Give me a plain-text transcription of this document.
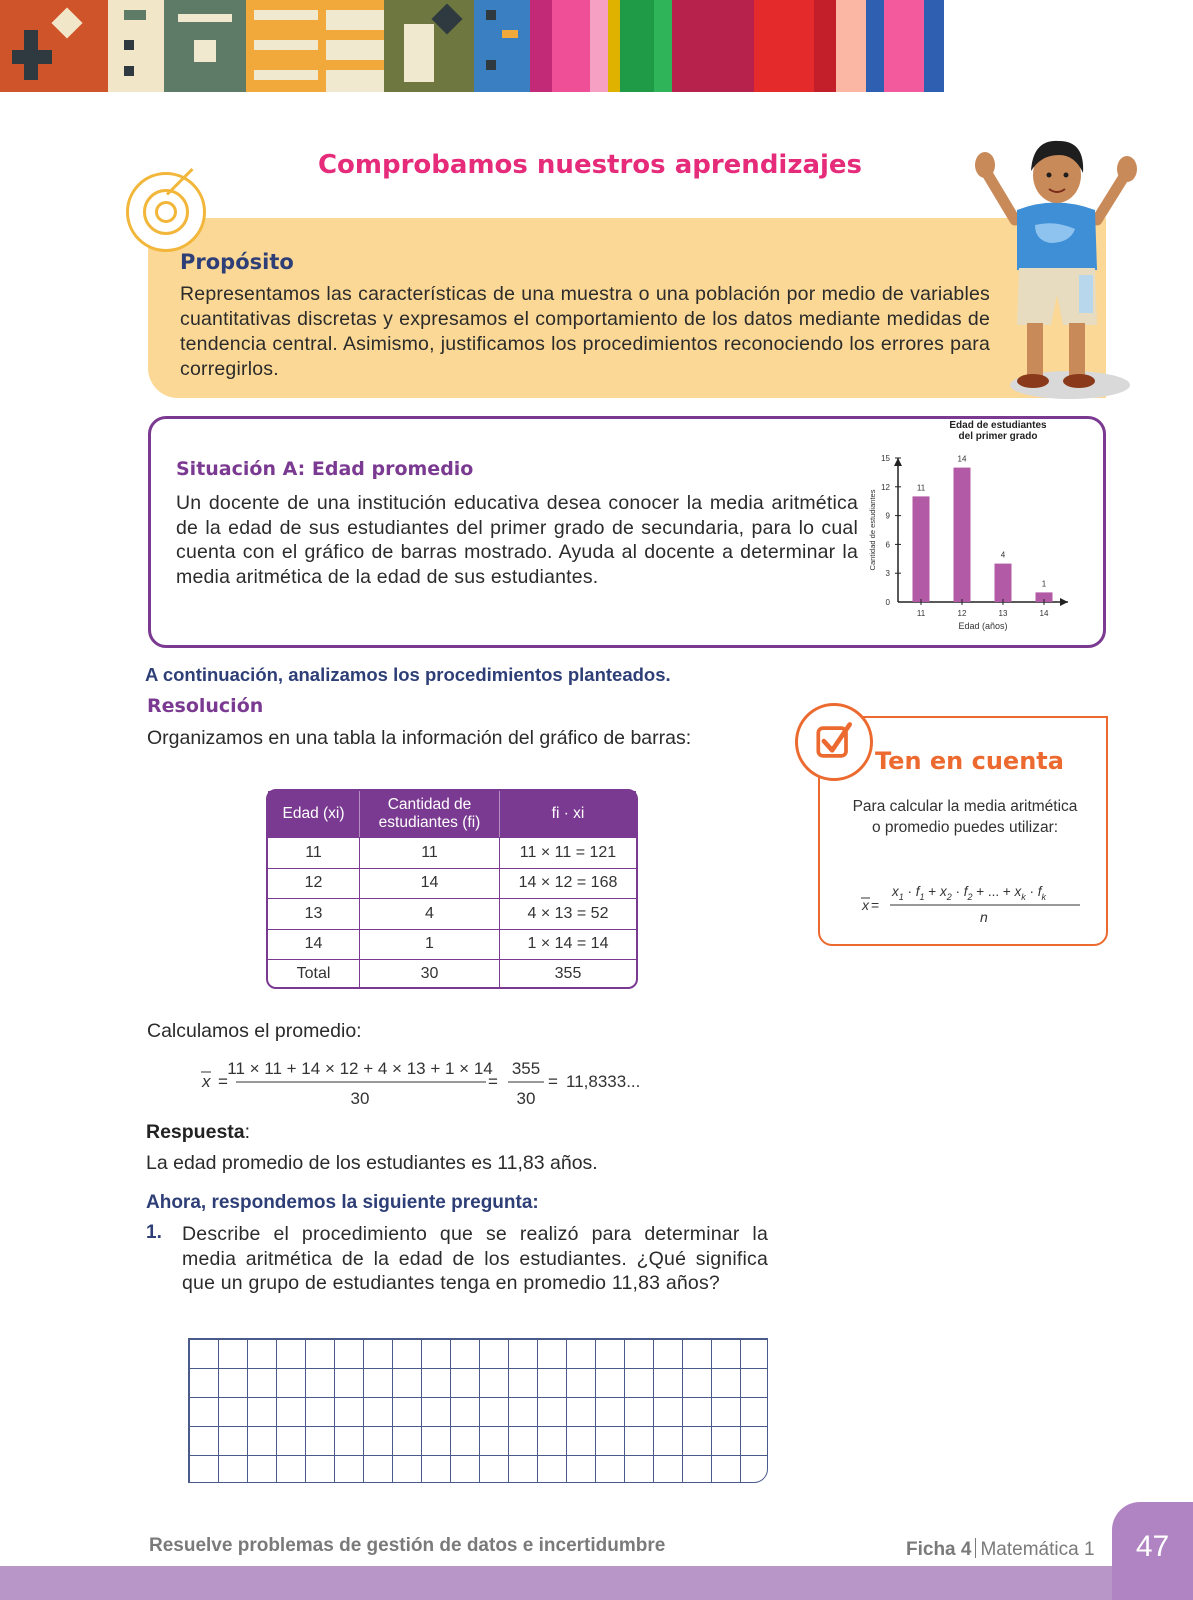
Comprobamos nuestros aprendizajes
Propósito
Representamos las características de una muestra o una población por medio de variables cuantitativas discretas y expresamos el comportamiento de los datos mediante medidas de tendencia central. Asimismo, justificamos los procedimientos reconociendo los errores para corregirlos.
Situación A: Edad promedio
Un docente de una institución educativa desea conocer la media aritmética de la edad de sus estudiantes del primer grado de secundaria, para lo cual cuenta con el gráfico de barras mostrado. Ayuda al docente a determinar la media aritmética de la edad de sus estudiantes.
Edad de estudiantes
del primer grado
0
3
6
9
12
15
11
11
14
12
4
13
1
14
Edad (años)
Cantidad de estudiantes
A continuación, analizamos los procedimientos planteados.
Resolución
Organizamos en una tabla la información del gráfico de barras:
Edad (xi)	Cantidad de estudiantes (fi)	fi · xi
11	11	11 × 11 = 121
12	14	14 × 12 = 168
13	4	4 × 13 = 52
14	1	1 × 14 = 14
Total	30	355
Ten en cuenta
Para calcular la media aritmética o promedio puedes utilizar:
x =
$x_1 \cdot f_1 + x_2 \cdot f_2$ + ... + $x_k \cdot f_k$
n
Calculamos el promedio:
x =
11 × 11 + 14 × 12 + 4 × 13 + 1 × 14
30
=
355
30
= 11,8333...
Respuesta:
La edad promedio de los estudiantes es 11,83 años.
Ahora, respondemos la siguiente pregunta:
1. Describe el procedimiento que se realizó para determinar la media aritmética de la edad de los estudiantes. ¿Qué significa que un grupo de estudiantes tenga en promedio 11,83 años?
47
Resuelve problemas de gestión de datos e incertidumbre	Ficha 4 Matemática 1
